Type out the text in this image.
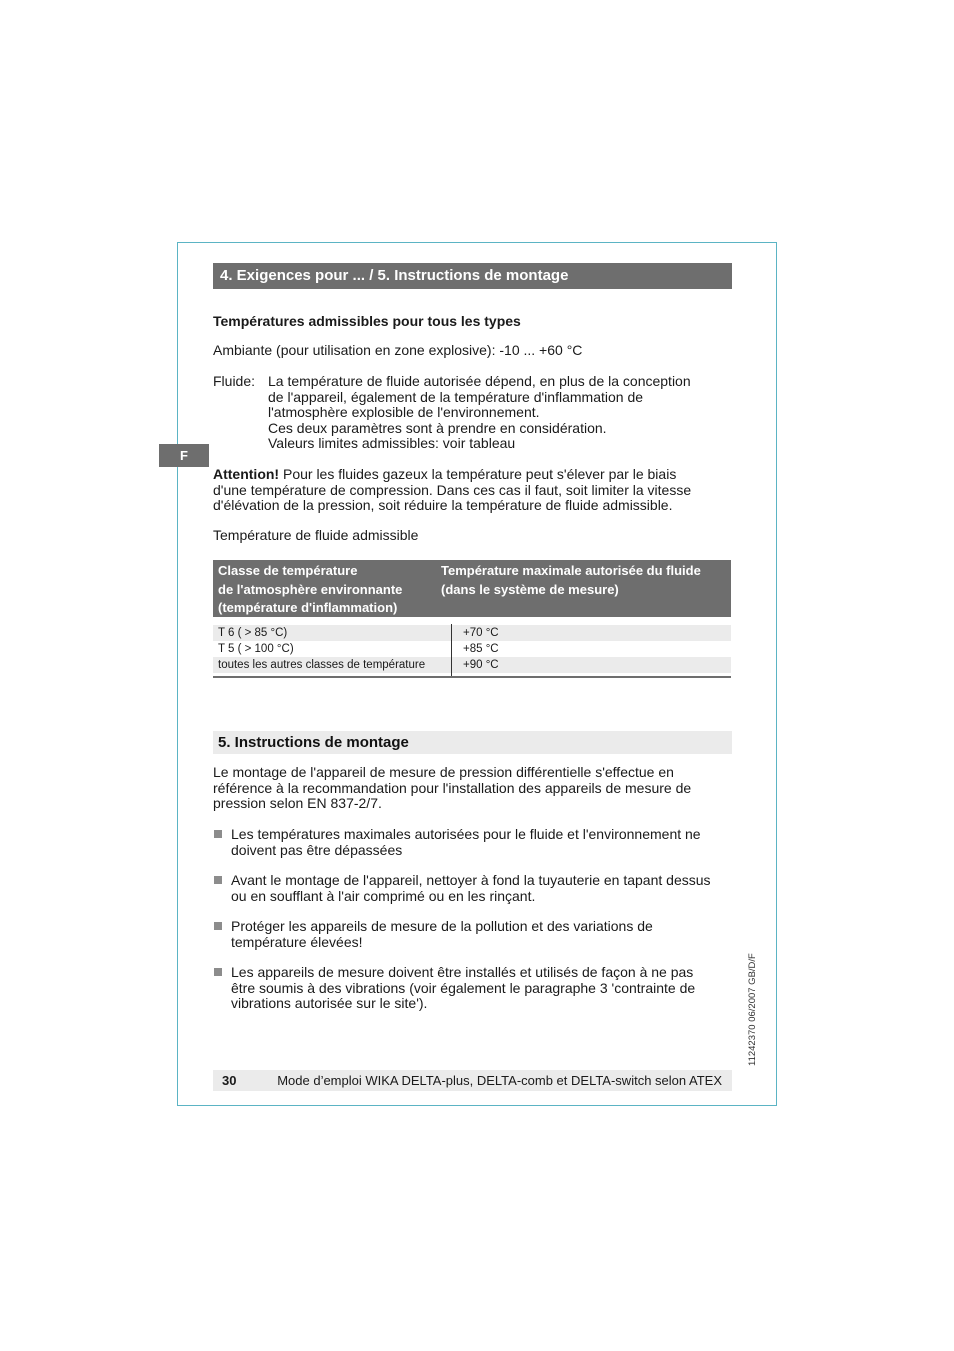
F
4. Exigences pour ... / 5. Instructions de montage
Températures admissibles pour tous les types
Ambiante (pour utilisation en zone explosive): -10 ... +60 °C
Fluide: La température de fluide autorisée dépend, en plus de la conception
de l'appareil, également de la température d'inflammation de
l'atmosphère explosible de l'environnement.
Ces deux paramètres sont à prendre en considération.
Valeurs limites admissibles: voir tableau
Attention! Pour les fluides gazeux la température peut s'élever par le biais
d'une température de compression. Dans ces cas il faut, soit limiter la vitesse
d'élévation de la pression, soit réduire la température de fluide admissible.
Température de fluide admissible
Classe de température
de l'atmosphère environnante
(température d'inflammation)
Température maximale autorisée du fluide
(dans le système de mesure)
T 6 ( > 85 °C)	+70 °C
T 5 ( > 100 °C)	+85 °C
toutes les autres classes de température	+90 °C
5. Instructions de montage
Le montage de l'appareil de mesure de pression différentielle s'effectue en
référence à la recommandation pour l'installation des appareils de mesure de
pression selon EN 837-2/7.
Les températures maximales autorisées pour le fluide et l'environnement ne
doivent pas être dépassées
Avant le montage de l'appareil, nettoyer à fond la tuyauterie en tapant dessus
ou en soufflant à l'air comprimé ou en les rinçant.
Protéger les appareils de mesure de la pollution et des variations de
température élevées!
Les appareils de mesure doivent être installés et utilisés de façon à ne pas
être soumis à des vibrations (voir également le paragraphe 3 'contrainte de
vibrations autorisée sur le site').	11242370 06/2007 GB/D/F
30	Mode d’emploi WIKA DELTA-plus, DELTA-comb et DELTA-switch selon ATEX
